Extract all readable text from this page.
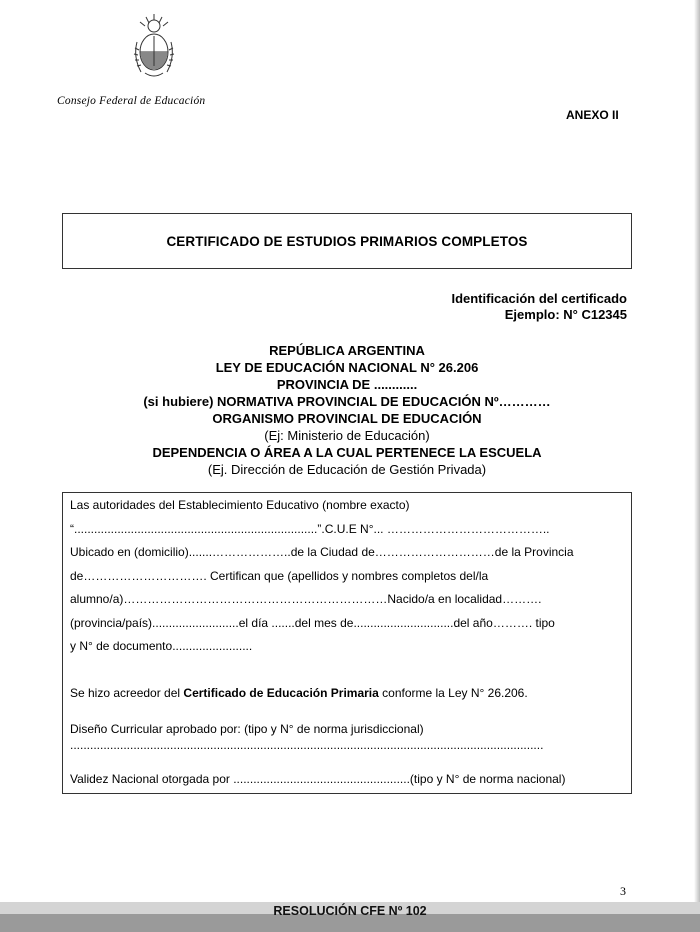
Consejo Federal de Educación
ANEXO II
CERTIFICADO DE ESTUDIOS PRIMARIOS COMPLETOS
Identificación del certificado
Ejemplo: N° C12345
REPÚBLICA ARGENTINA
LEY DE EDUCACIÓN NACIONAL N° 26.206
PROVINCIA DE ............
(si hubiere) NORMATIVA PROVINCIAL DE EDUCACIÓN Nº…………
ORGANISMO PROVINCIAL DE EDUCACIÓN
(Ej: Ministerio de Educación)
DEPENDENCIA O ÁREA A LA CUAL PERTENECE LA ESCUELA
(Ej. Dirección de Educación de Gestión Privada)
Las autoridades del Establecimiento Educativo (nombre exacto)
“.........................................................................”.C.U.E N°... …………………………………..
Ubicado en (domicilio).......………………..de la Ciudad de…………………………de la Provincia
de…………………………. Certifican que (apellidos y nombres completos del/la
alumno/a)…………………………………………………………Nacido/a en localidad……….
(provincia/país)..........................el día .......del mes de..............................del año………. tipo
y N° de documento........................
Se hizo acreedor del Certificado de Educación Primaria conforme la Ley N° 26.206.
Diseño Curricular aprobado por: (tipo y N° de norma jurisdiccional)
..............................................................................................................................................
Validez Nacional otorgada por .....................................................(tipo y N° de norma nacional)
3
RESOLUCIÓN CFE Nº 102
